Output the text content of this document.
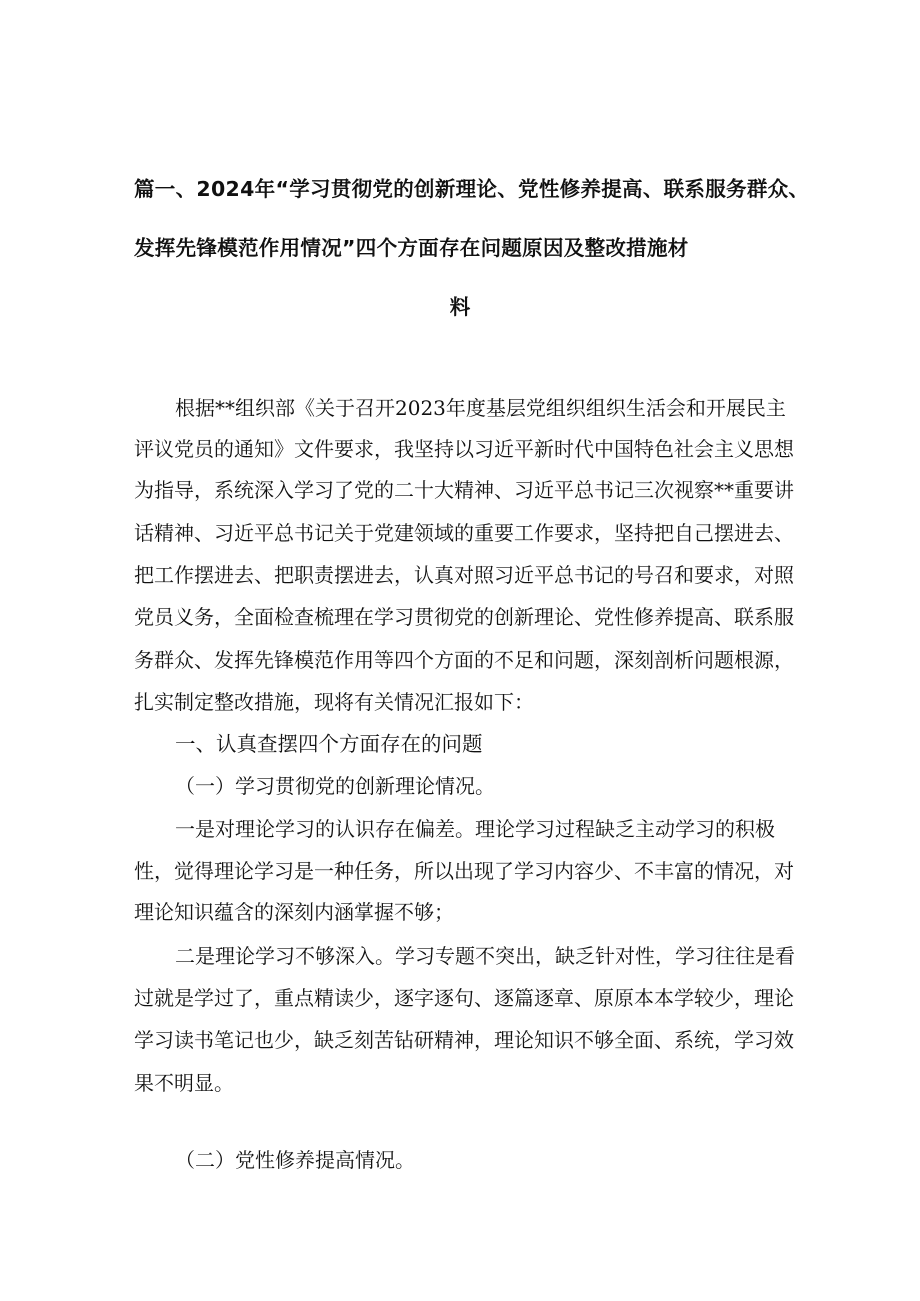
篇一、2024年“学习贯彻党的创新理论、党性修养提高、联系服务群众、
发挥先锋模范作用情况”四个方面存在问题原因及整改措施材
料
根据**组织部《关于召开2023年度基层党组织组织生活会和开展民主
评议党员的通知》文件要求，我坚持以习近平新时代中国特色社会主义思想
为指导，系统深入学习了党的二十大精神、习近平总书记三次视察**重要讲
话精神、习近平总书记关于党建领域的重要工作要求，坚持把自己摆进去、
把工作摆进去、把职责摆进去，认真对照习近平总书记的号召和要求，对照
党员义务，全面检查梳理在学习贯彻党的创新理论、党性修养提高、联系服
务群众、发挥先锋模范作用等四个方面的不足和问题，深刻剖析问题根源，
扎实制定整改措施，现将有关情况汇报如下：
一、认真查摆四个方面存在的问题
（一）学习贯彻党的创新理论情况。
一是对理论学习的认识存在偏差。理论学习过程缺乏主动学习的积极
性，觉得理论学习是一种任务，所以出现了学习内容少、不丰富的情况，对
理论知识蕴含的深刻内涵掌握不够；
二是理论学习不够深入。学习专题不突出，缺乏针对性，学习往往是看
过就是学过了，重点精读少，逐字逐句、逐篇逐章、原原本本学较少，理论
学习读书笔记也少，缺乏刻苦钻研精神，理论知识不够全面、系统，学习效
果不明显。
（二）党性修养提高情况。
